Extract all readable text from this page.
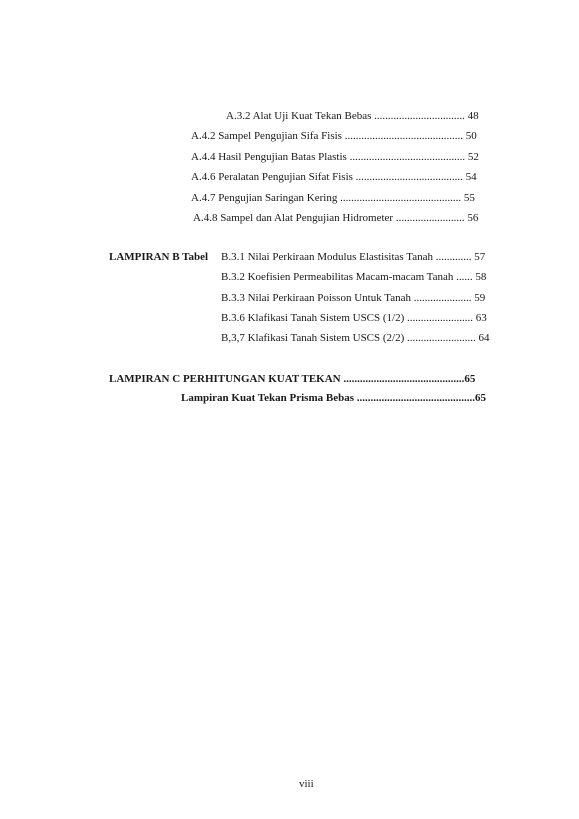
A.3.2 Alat Uji Kuat Tekan Bebas ................................. 48
A.4.2 Sampel Pengujian Sifa Fisis ........................................... 50
A.4.4 Hasil Pengujian Batas Plastis .......................................... 52
A.4.6 Peralatan Pengujian Sifat Fisis ....................................... 54
A.4.7 Pengujian Saringan Kering ............................................ 55
A.4.8 Sampel dan Alat Pengujian Hidrometer ......................... 56
LAMPIRAN B Tabel B.3.1 Nilai Perkiraan Modulus Elastisitas Tanah ............. 57
B.3.2 Koefisien Permeabilitas Macam-macam Tanah ...... 58
B.3.3 Nilai Perkiraan Poisson Untuk Tanah ..................... 59
B.3.6 Klafikasi Tanah Sistem USCS (1/2) ........................ 63
B,3,7 Klafikasi Tanah Sistem USCS (2/2) ......................... 64
LAMPIRAN C PERHITUNGAN KUAT TEKAN ............................................65
Lampiran Kuat Tekan Prisma Bebas ...........................................65
viii
